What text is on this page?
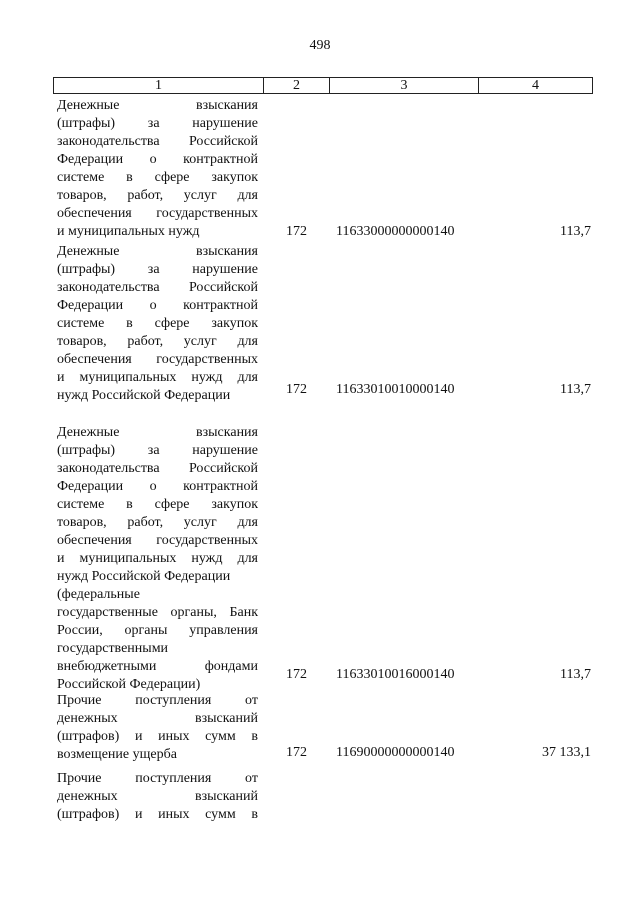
498
1	2	3	4
Денежные взыскания
(штрафы) за нарушение
законодательства Российской
Федерации о контрактной
системе в сфере закупок
товаров, работ, услуг для
обеспечения государственных
и муниципальных нужд	172 11633000000000140	113,7
Денежные взыскания
(штрафы) за нарушение
законодательства Российской
Федерации о контрактной
системе в сфере закупок
товаров, работ, услуг для
обеспечения государственных
и муниципальных нужд для
нужд Российской Федерации	172 11633010010000140	113,7
Денежные взыскания
(штрафы) за нарушение
законодательства Российской
Федерации о контрактной
системе в сфере закупок
товаров, работ, услуг для
обеспечения государственных
и муниципальных нужд для
нужд Российской Федерации
(федеральные
государственные органы, Банк
России, органы управления
государственными
внебюджетными фондами
Российской Федерации)
172 11633010016000140	113,7
Прочие поступления от
денежных взысканий
(штрафов) и иных сумм в
возмещение ущерба	172 11690000000000140	37 133,1
Прочие поступления от
денежных взысканий
(штрафов) и иных сумм в
